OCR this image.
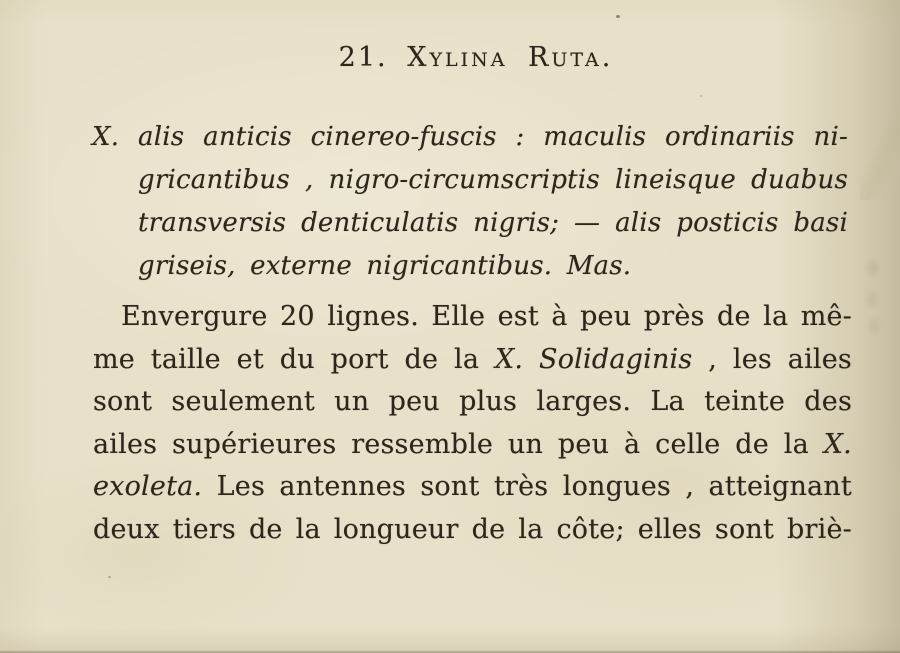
21. Xylina Ruta.
X. alis anticis cinereo-fuscis : maculis ordinariis ni-
gricantibus , nigro-circumscriptis lineisque duabus
transversis denticulatis nigris; — alis posticis basi
griseis, externe nigricantibus. Mas.
Envergure 20 lignes. Elle est à peu près de la mê-
me taille et du port de la X. Solidaginis , les ailes
sont seulement un peu plus larges. La teinte des
ailes supérieures ressemble un peu à celle de la X.
exoleta. Les antennes sont très longues , atteignant
deux tiers de la longueur de la côte; elles sont briè-
